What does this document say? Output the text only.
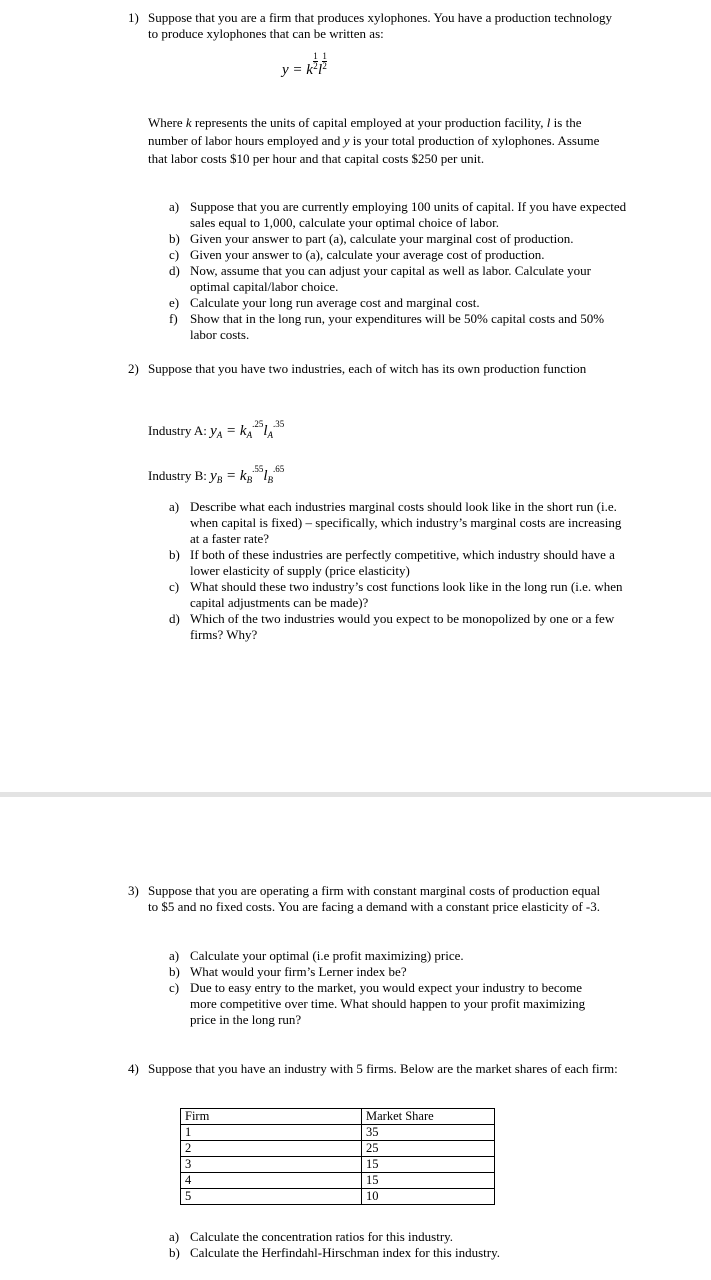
1) Suppose that you are a firm that produces xylophones. You have a production technology to produce xylophones that can be written as:
y = k $\frac{1}{2}$ l $\frac{1}{2}$
Where k represents the units of capital employed at your production facility, l is the number of labor hours employed and y is your total production of xylophones. Assume that labor costs $10 per hour and that capital costs $250 per unit.
a) Suppose that you are currently employing 100 units of capital. If you have expected sales equal to 1,000, calculate your optimal choice of labor.
b) Given your answer to part (a), calculate your marginal cost of production.
c) Given your answer to (a), calculate your average cost of production.
d) Now, assume that you can adjust your capital as well as labor. Calculate your optimal capital/labor choice.
e) Calculate your long run average cost and marginal cost.
f) Show that in the long run, your expenditures will be 50% capital costs and 50% labor costs.
2) Suppose that you have two industries, each of witch has its own production function
Industry A: $y_A = k_A^{.25}l_A^{.35}$
Industry B: $y_B = k_B^{.55}l_B^{.65}$
a) Describe what each industries marginal costs should look like in the short run (i.e. when capital is fixed) – specifically, which industry’s marginal costs are increasing at a faster rate?
b) If both of these industries are perfectly competitive, which industry should have a lower elasticity of supply (price elasticity)
c) What should these two industry’s cost functions look like in the long run (i.e. when capital adjustments can be made)?
d) Which of the two industries would you expect to be monopolized by one or a few firms? Why?
3) Suppose that you are operating a firm with constant marginal costs of production equal to $5 and no fixed costs. You are facing a demand with a constant price elasticity of -3.
a) Calculate your optimal (i.e profit maximizing) price.
b) What would your firm’s Lerner index be?
c) Due to easy entry to the market, you would expect your industry to become more competitive over time. What should happen to your profit maximizing price in the long run?
4) Suppose that you have an industry with 5 firms. Below are the market shares of each firm:
Firm	Market Share
1	35
2	25
3	15
4	15
5	10
a) Calculate the concentration ratios for this industry.
b) Calculate the Herfindahl-Hirschman index for this industry.
